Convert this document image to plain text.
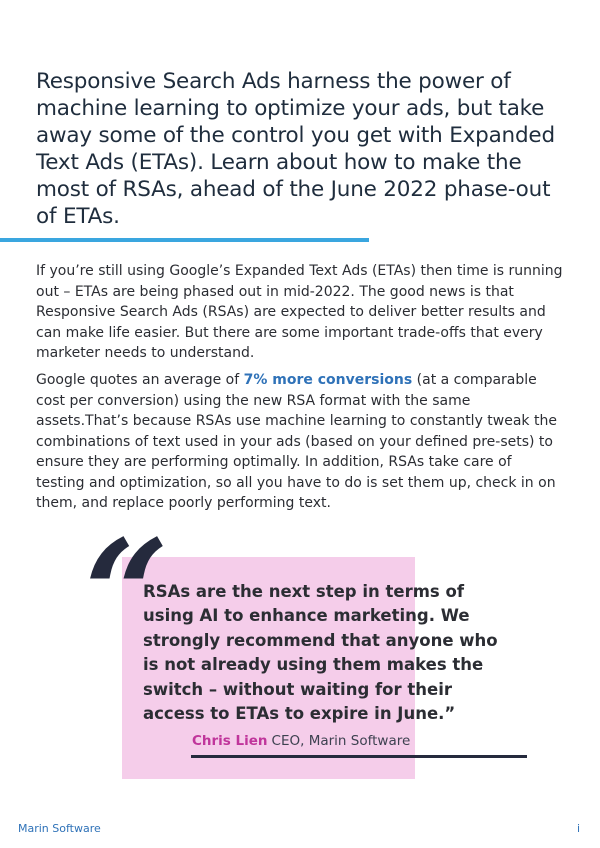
Responsive Search Ads harness the power of machine learning to optimize your ads, but take away some of the control you get with Expanded Text Ads (ETAs). Learn about how to make the most of RSAs, ahead of the June 2022 phase-out of ETAs.

If you’re still using Google’s Expanded Text Ads (ETAs) then time is running out – ETAs are being phased out in mid-2022. The good news is that Responsive Search Ads (RSAs) are expected to deliver better results and can make life easier. But there are some important trade-offs that every marketer needs to understand.

Google quotes an average of 7% more conversions (at a comparable cost per conversion) using the new RSA format with the same assets.That’s because RSAs use machine learning to constantly tweak the combinations of text used in your ads (based on your defined pre-sets) to ensure they are performing optimally. In addition, RSAs take care of testing and optimization, so all you have to do is set them up, check in on them, and replace poorly performing text.

“

RSAs are the next step in terms of using AI to enhance marketing. We strongly recommend that anyone who is not already using them makes the switch – without waiting for their access to ETAs to expire in June.”

Chris Lien CEO, Marin Software

Marin Software	i
